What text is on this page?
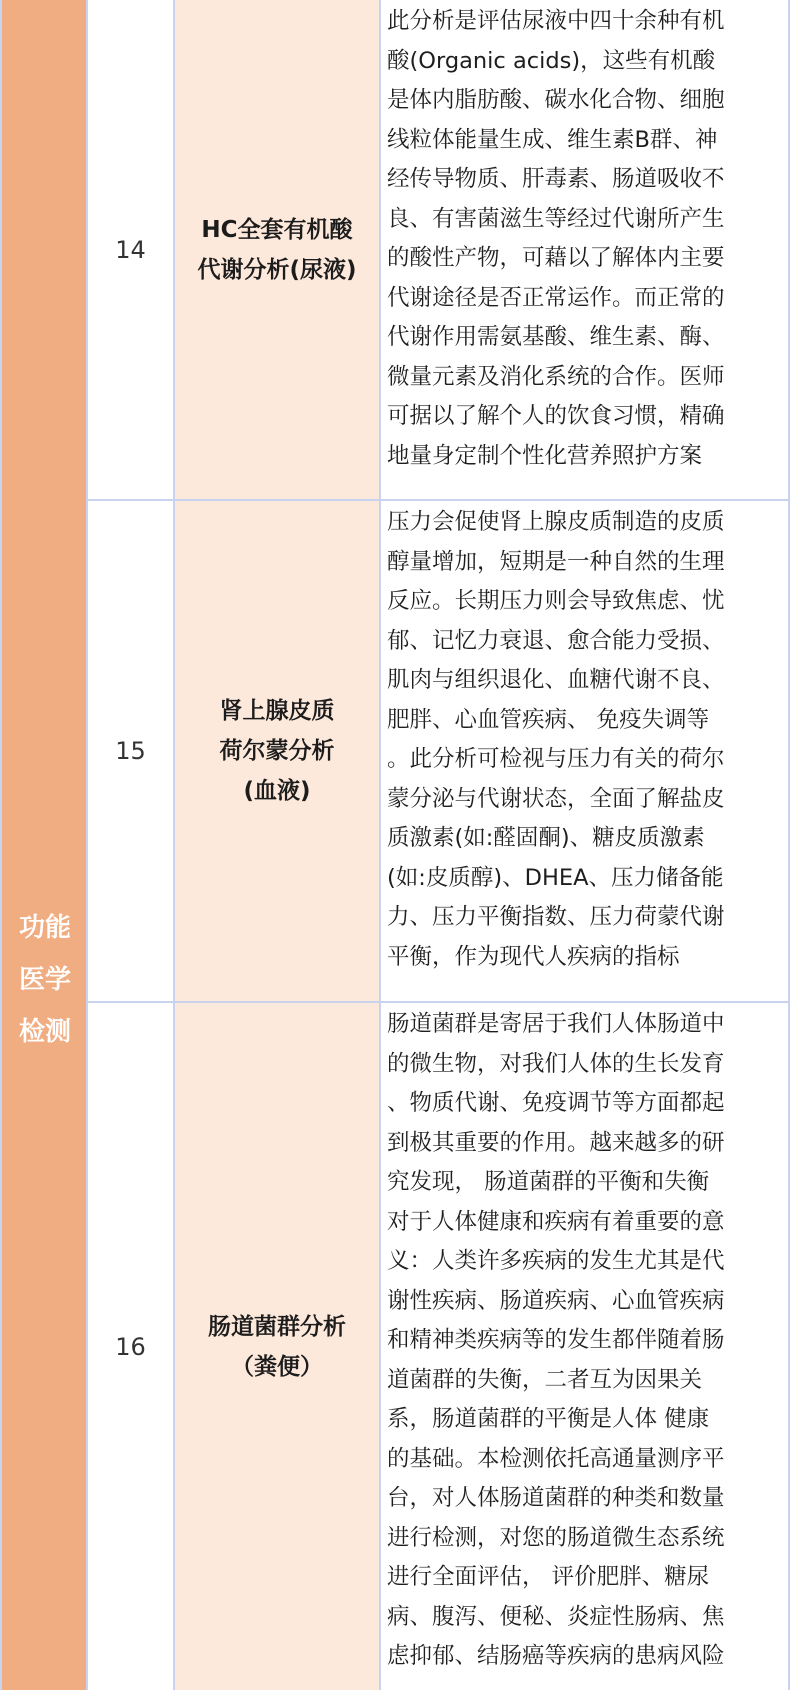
功能
医学
检测
14
HC全套有机酸
代谢分析(尿液)
此分析是评估尿液中四十余种有机
酸(Organic acids)，这些有机酸
是体内脂肪酸、碳水化合物、细胞
线粒体能量生成、维生素B群、神
经传导物质、肝毒素、肠道吸收不
良、有害菌滋生等经过代谢所产生
的酸性产物，可藉以了解体内主要
代谢途径是否正常运作。而正常的
代谢作用需氨基酸、维生素、酶、
微量元素及消化系统的合作。医师
可据以了解个人的饮食习惯，精确
地量身定制个性化营养照护方案
15
肾上腺皮质
荷尔蒙分析
(血液)
压力会促使肾上腺皮质制造的皮质
醇量增加，短期是一种自然的生理
反应。长期压力则会导致焦虑、忧
郁、记忆力衰退、愈合能力受损、
肌肉与组织退化、血糖代谢不良、
肥胖、心血管疾病、 免疫失调等
。此分析可检视与压力有关的荷尔
蒙分泌与代谢状态，全面了解盐皮
质激素(如:醛固酮)、糖皮质激素
(如:皮质醇)、DHEA、压力储备能
力、压力平衡指数、压力荷蒙代谢
平衡，作为现代人疾病的指标
16
肠道菌群分析
（粪便）
肠道菌群是寄居于我们人体肠道中
的微生物，对我们人体的生长发育
、物质代谢、免疫调节等方面都起
到极其重要的作用。越来越多的研
究发现， 肠道菌群的平衡和失衡
对于人体健康和疾病有着重要的意
义：人类许多疾病的发生尤其是代
谢性疾病、肠道疾病、心血管疾病
和精神类疾病等的发生都伴随着肠
道菌群的失衡，二者互为因果关
系，肠道菌群的平衡是人体 健康
的基础。本检测依托高通量测序平
台，对人体肠道菌群的种类和数量
进行检测，对您的肠道微生态系统
进行全面评估， 评价肥胖、糖尿
病、腹泻、便秘、炎症性肠病、焦
虑抑郁、结肠癌等疾病的患病风险
